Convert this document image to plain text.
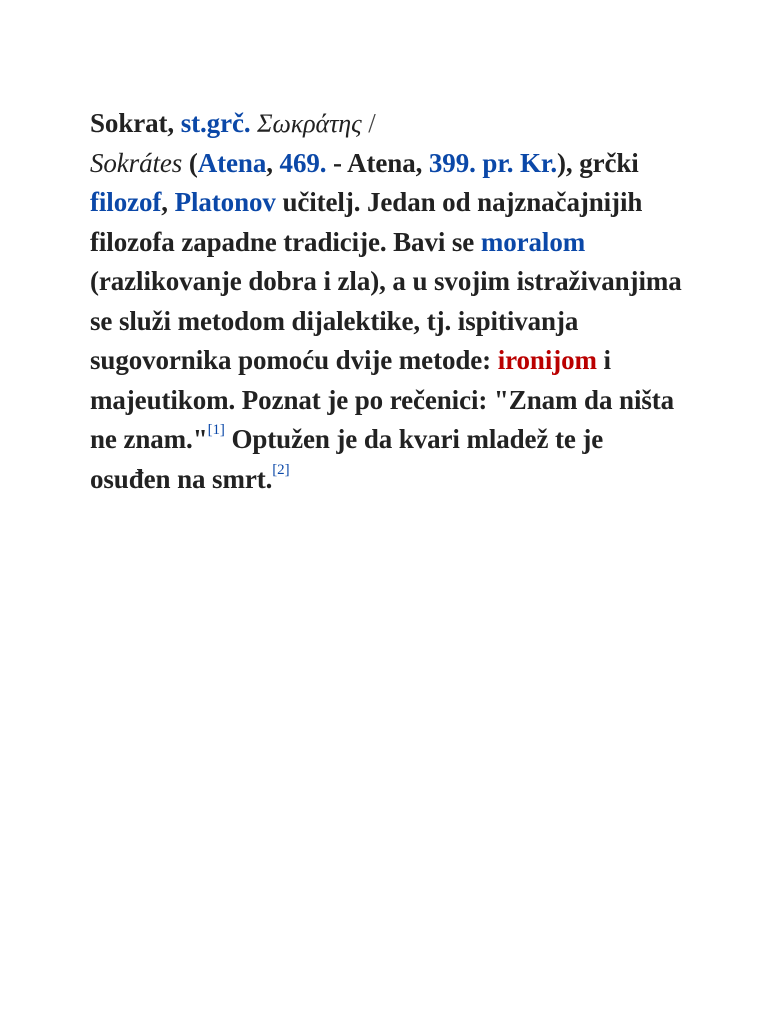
Sokrat, st.grč. Σωκράτης /
Sokrátes (Atena, 469. - Atena, 399. pr. Kr.), grčki filozof, Platonov učitelj. Jedan od najznačajnijih filozofa zapadne tradicije. Bavi se moralom (razlikovanje dobra i zla), a u svojim istraživanjima se služi metodom dijalektike, tj. ispitivanja sugovornika pomoću dvije metode: ironijom i majeutikom. Poznat je po rečenici: "Znam da ništa ne znam."[1] Optužen je da kvari mladež te je osuđen na smrt.[2]
